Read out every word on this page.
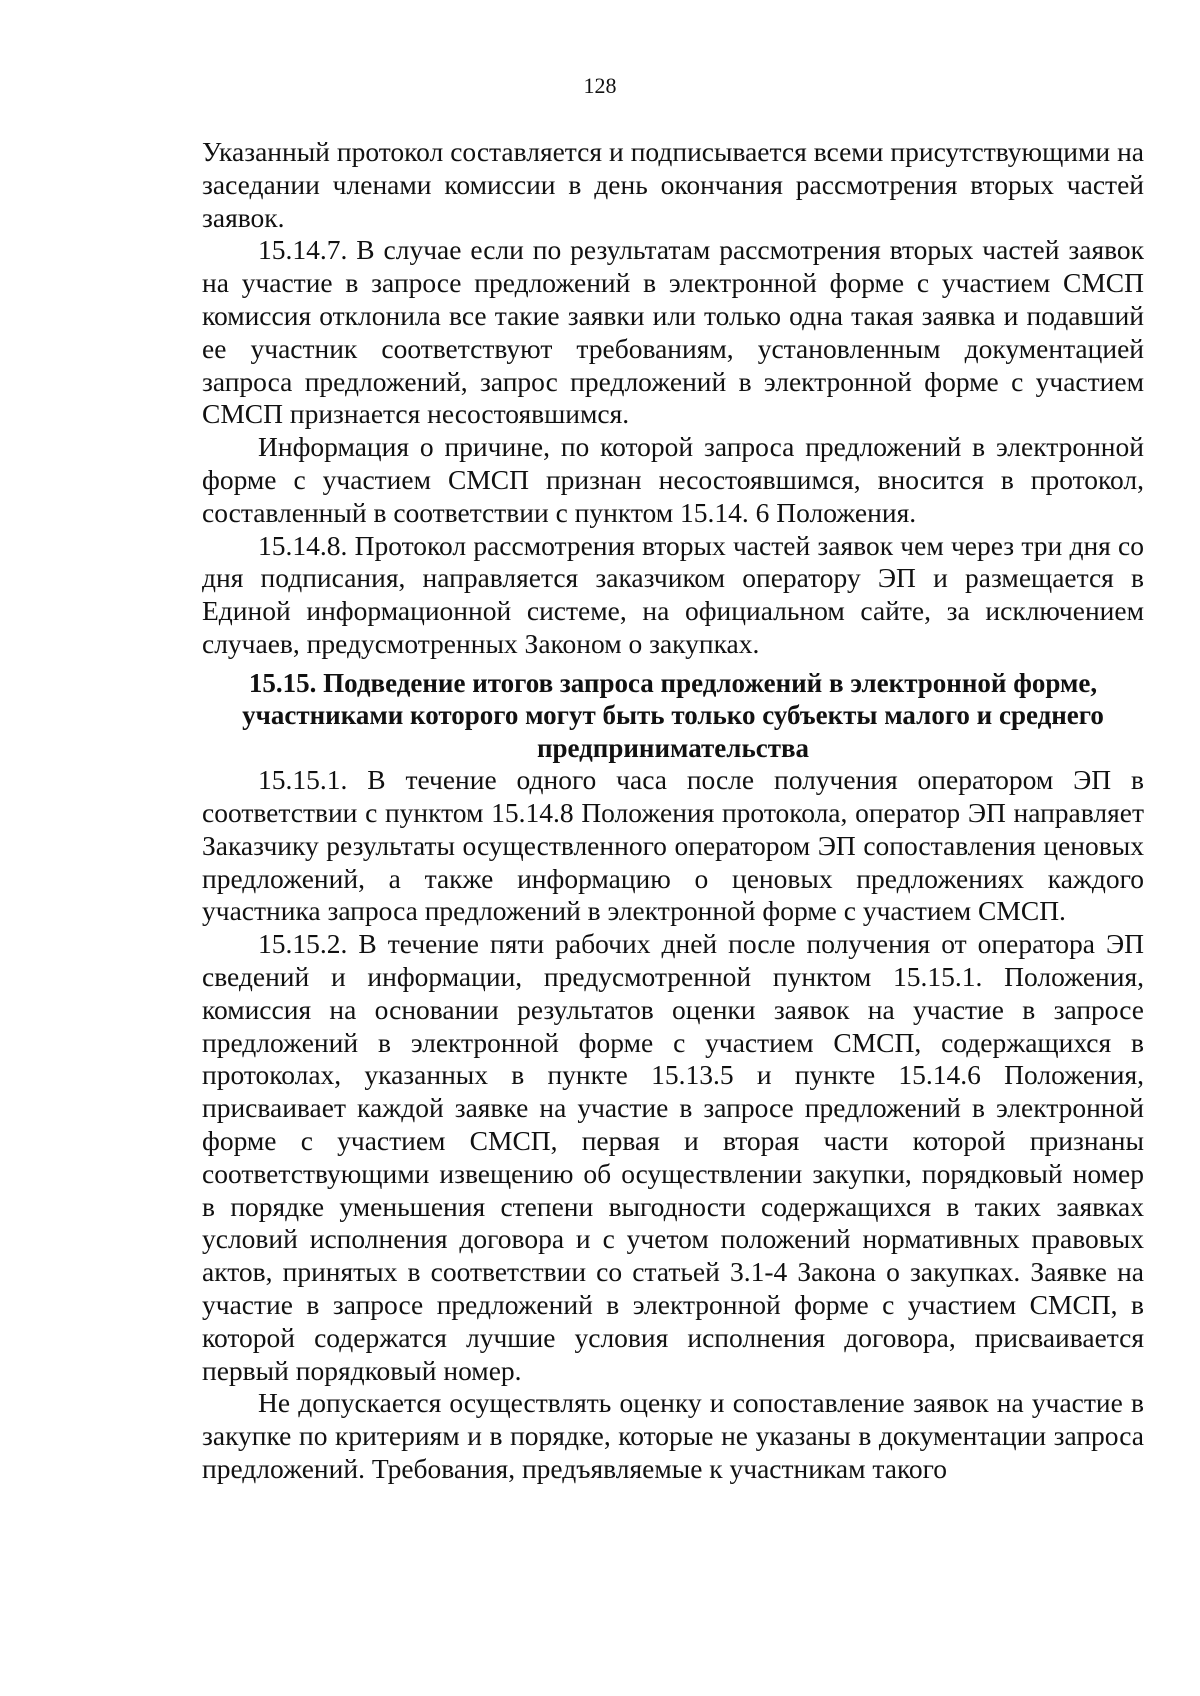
128

Указанный протокол составляется и подписывается всеми присутствующими на заседании членами комиссии в день окончания рассмотрения вторых частей заявок.

15.14.7. В случае если по результатам рассмотрения вторых частей заявок на участие в запросе предложений в электронной форме с участием СМСП комиссия отклонила все такие заявки или только одна такая заявка и подавший ее участник соответствуют требованиям, установленным документацией запроса предложений, запрос предложений в электронной форме с участием СМСП признается несостоявшимся.

Информация о причине, по которой запроса предложений в электронной форме с участием СМСП признан несостоявшимся, вносится в протокол, составленный в соответствии с пунктом 15.14. 6 Положения.

15.14.8. Протокол рассмотрения вторых частей заявок чем через три дня со дня подписания, направляется заказчиком оператору ЭП и размещается в Единой информационной системе, на официальном сайте, за исключением случаев, предусмотренных Законом о закупках.

15.15. Подведение итогов запроса предложений в электронной форме, участниками которого могут быть только субъекты малого и среднего предпринимательства

15.15.1. В течение одного часа после получения оператором ЭП в соответствии с пунктом 15.14.8 Положения протокола, оператор ЭП направляет Заказчику результаты осуществленного оператором ЭП сопоставления ценовых предложений, а также информацию о ценовых предложениях каждого участника запроса предложений в электронной форме с участием СМСП.

15.15.2. В течение пяти рабочих дней после получения от оператора ЭП сведений и информации, предусмотренной пунктом 15.15.1. Положения, комиссия на основании результатов оценки заявок на участие в запросе предложений в электронной форме с участием СМСП, содержащихся в протоколах, указанных в пункте 15.13.5 и пункте 15.14.6 Положения, присваивает каждой заявке на участие в запросе предложений в электронной форме с участием СМСП, первая и вторая части которой признаны соответствующими извещению об осуществлении закупки, порядковый номер в порядке уменьшения степени выгодности содержащихся в таких заявках условий исполнения договора и с учетом положений нормативных правовых актов, принятых в соответствии со статьей 3.1-4 Закона о закупках. Заявке на участие в запросе предложений в электронной форме с участием СМСП, в которой содержатся лучшие условия исполнения договора, присваивается первый порядковый номер.

Не допускается осуществлять оценку и сопоставление заявок на участие в закупке по критериям и в порядке, которые не указаны в документации запроса предложений. Требования, предъявляемые к участникам такого
